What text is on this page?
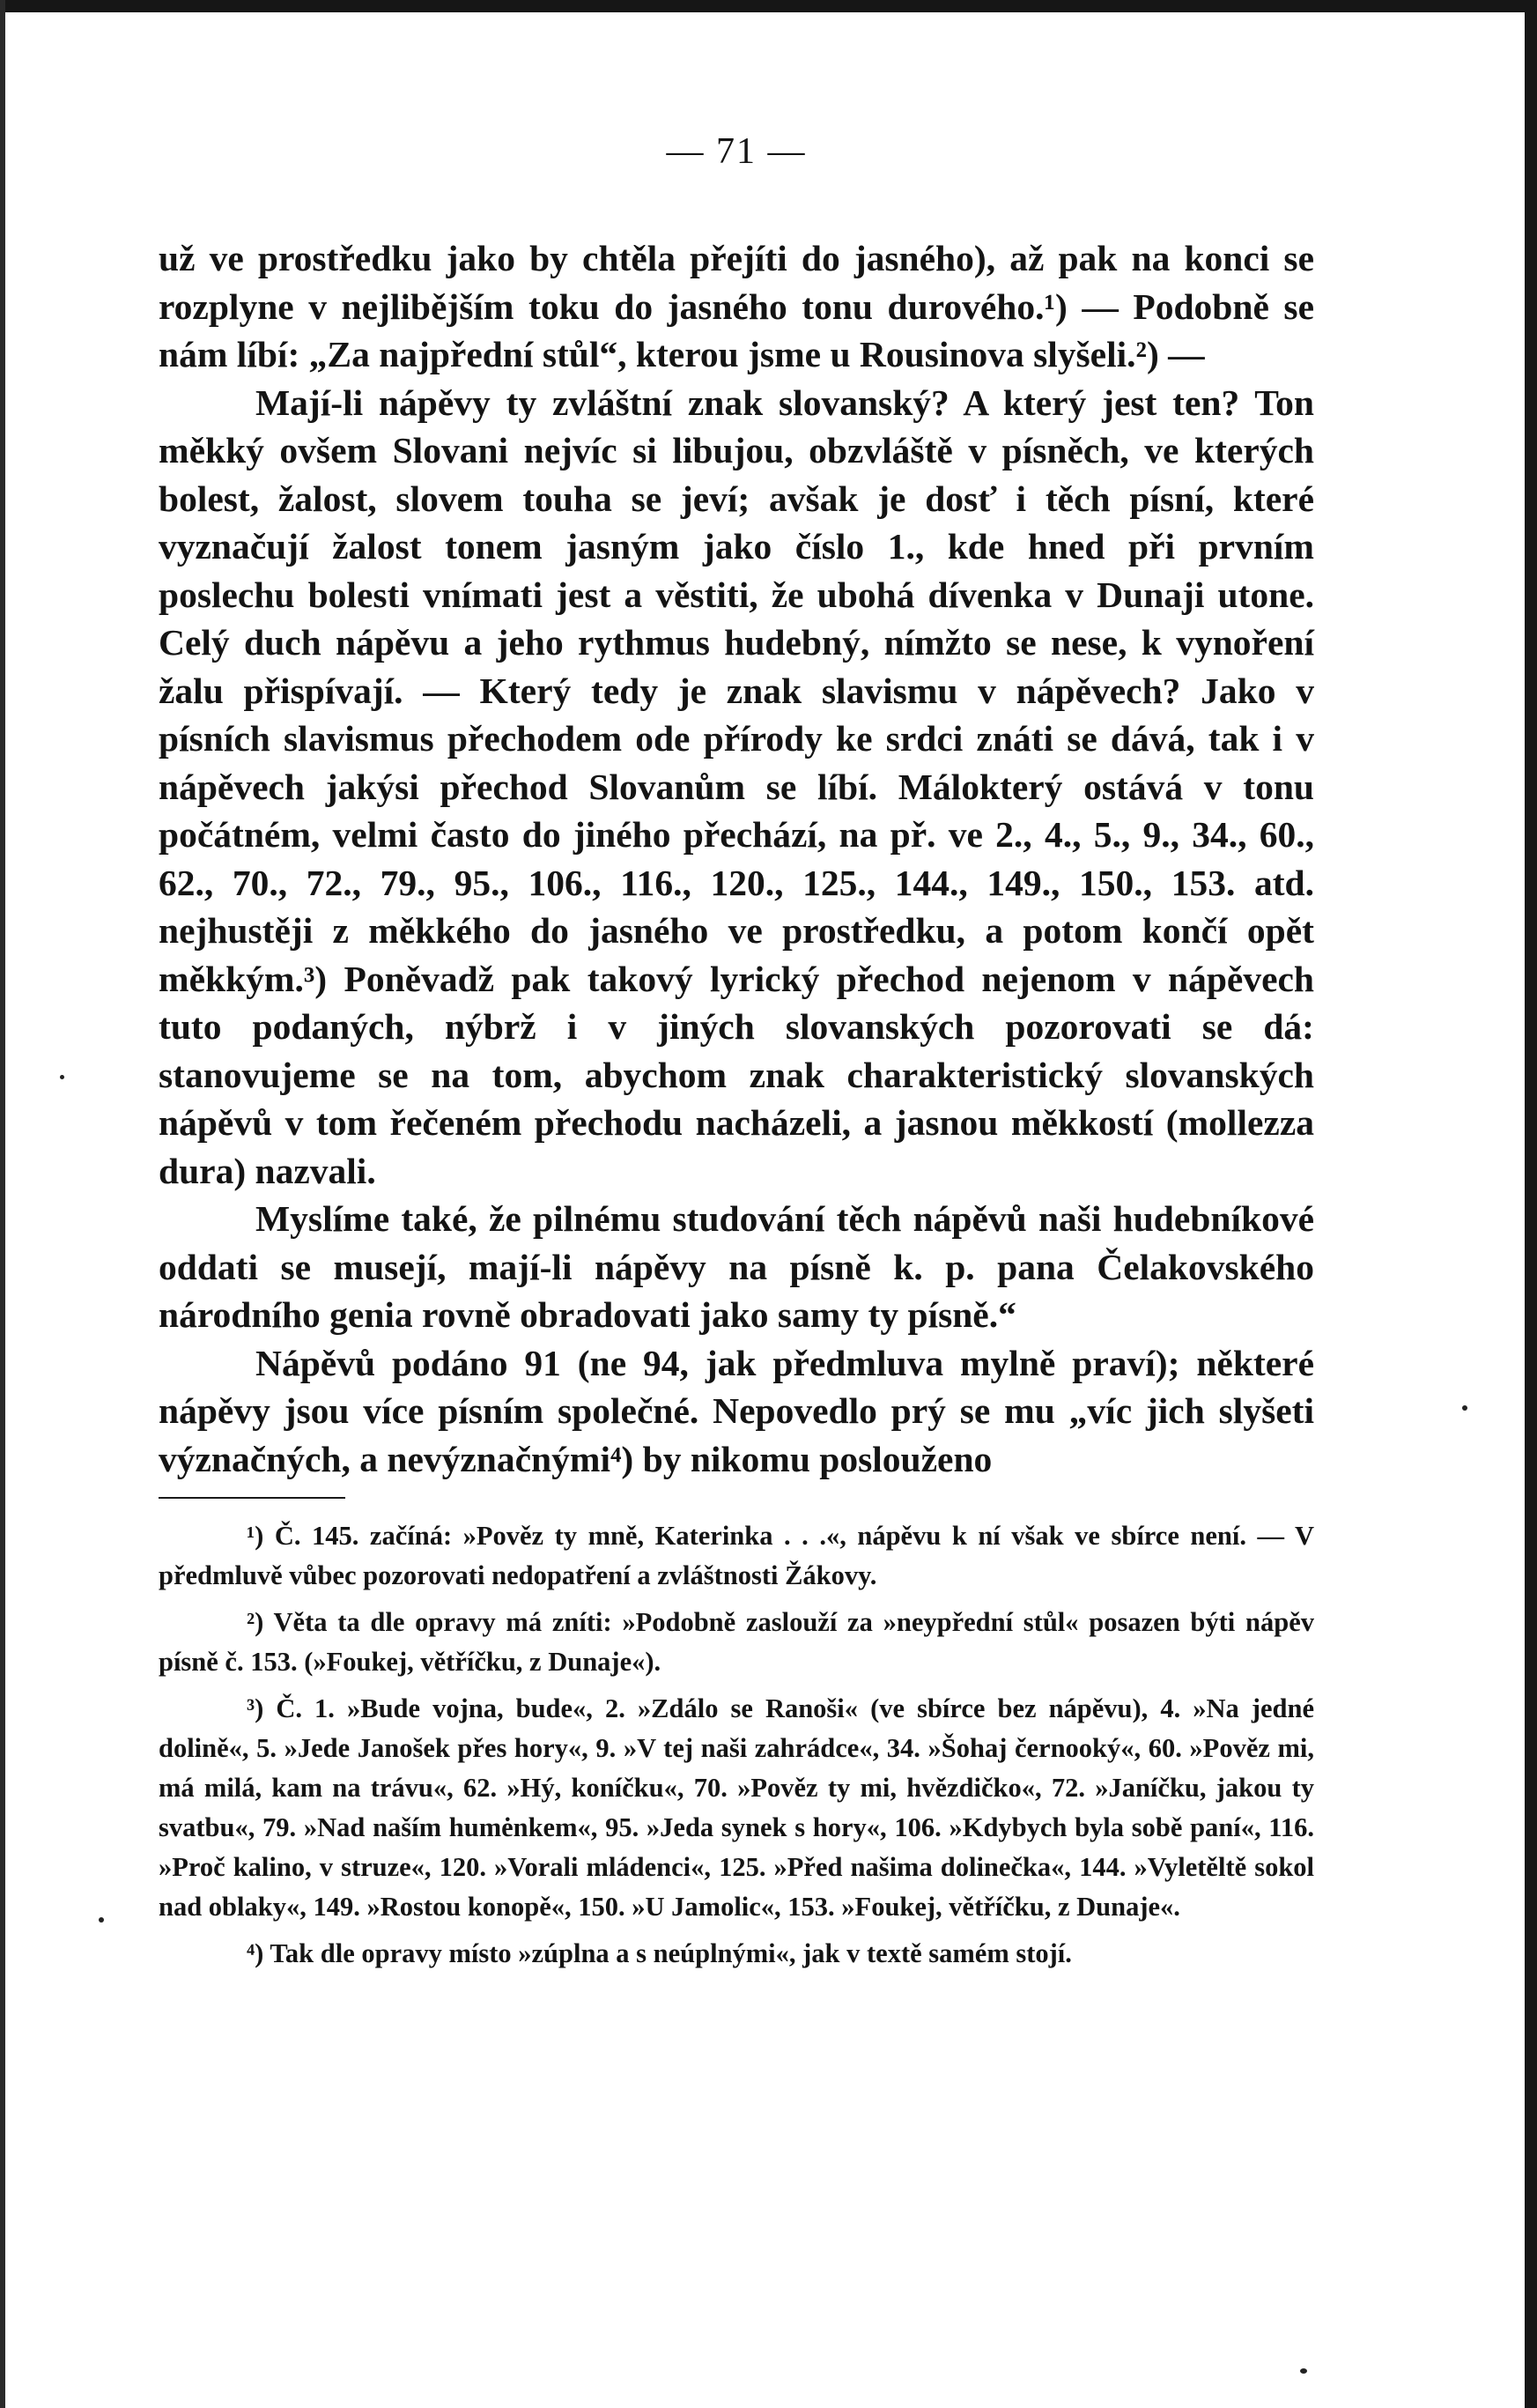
— 71 —

už ve prostředku jako by chtěla přejíti do jasného), až pak na konci se rozplyne v nejlibějším toku do jasného tonu durového.¹) — Podobně se nám líbí: „Za najpřední stůl“, kterou jsme u Rousinova slyšeli.²) —

Mají-li nápěvy ty zvláštní znak slovanský? A který jest ten? Ton měkký ovšem Slovani nejvíc si libujou, obzvláště v písněch, ve kterých bolest, žalost, slovem touha se jeví; avšak je dosť i těch písní, které vyznačují žalost tonem jasným jako číslo 1., kde hned při prvním poslechu bolesti vnímati jest a věstiti, že ubohá dívenka v Dunaji utone. Celý duch nápěvu a jeho rythmus hudebný, nímžto se nese, k vynoření žalu přispívají. — Který tedy je znak slavismu v nápěvech? Jako v písních slavismus přechodem ode přírody ke srdci znáti se dává, tak i v nápěvech jakýsi přechod Slovanům se líbí. Málokterý ostává v tonu počátném, velmi často do jiného přechází, na př. ve 2., 4., 5., 9., 34., 60., 62., 70., 72., 79., 95., 106., 116., 120., 125., 144., 149., 150., 153. atd. nejhustěji z měkkého do jasného ve prostředku, a potom končí opět měkkým.³) Poněvadž pak takový lyrický přechod nejenom v nápěvech tuto podaných, nýbrž i v jiných slovanských pozorovati se dá: stanovujeme se na tom, abychom znak charakteristický slovanských nápěvů v tom řečeném přechodu nacházeli, a jasnou měkkostí (mollezza dura) nazvali.

Myslíme také, že pilnému studování těch nápěvů naši hudebníkové oddati se musejí, mají-li nápěvy na písně k. p. pana Čelakovského národního genia rovně obradovati jako samy ty písně.“

Nápěvů podáno 91 (ne 94, jak předmluva mylně praví); některé nápěvy jsou více písním společné. Nepovedlo prý se mu „víc jich slyšeti význačných, a nevýznačnými⁴) by nikomu poslouženo

¹) Č. 145. začíná: »Pověz ty mně, Katerinka . . .«, nápěvu k ní však ve sbírce není. — V předmluvě vůbec pozorovati nedopatření a zvláštnosti Žákovy.

²) Věta ta dle opravy má zníti: »Podobně zaslouží za »neypřední stůl« posazen býti nápěv písně č. 153. (»Foukej, větříčku, z Dunaje«).

³) Č. 1. »Bude vojna, bude«, 2. »Zdálo se Ranoši« (ve sbírce bez nápěvu), 4. »Na jedné dolině«, 5. »Jede Janošek přes hory«, 9. »V tej naši zahrádce«, 34. »Šohaj černooký«, 60. »Pověz mi, má milá, kam na trávu«, 62. »Hý, koníčku«, 70. »Pověz ty mi, hvězdičko«, 72. »Janíčku, jakou ty svatbu«, 79. »Nad naším humėnkem«, 95. »Jeda synek s hory«, 106. »Kdybych byla sobě paní«, 116. »Proč kalino, v struze«, 120. »Vorali mládenci«, 125. »Před našima dolinečka«, 144. »Vyletěltě sokol nad oblaky«, 149. »Rostou konopě«, 150. »U Jamolic«, 153. »Foukej, větříčku, z Dunaje«.

⁴) Tak dle opravy místo »zúplna a s neúplnými«, jak v textě samém stojí.
